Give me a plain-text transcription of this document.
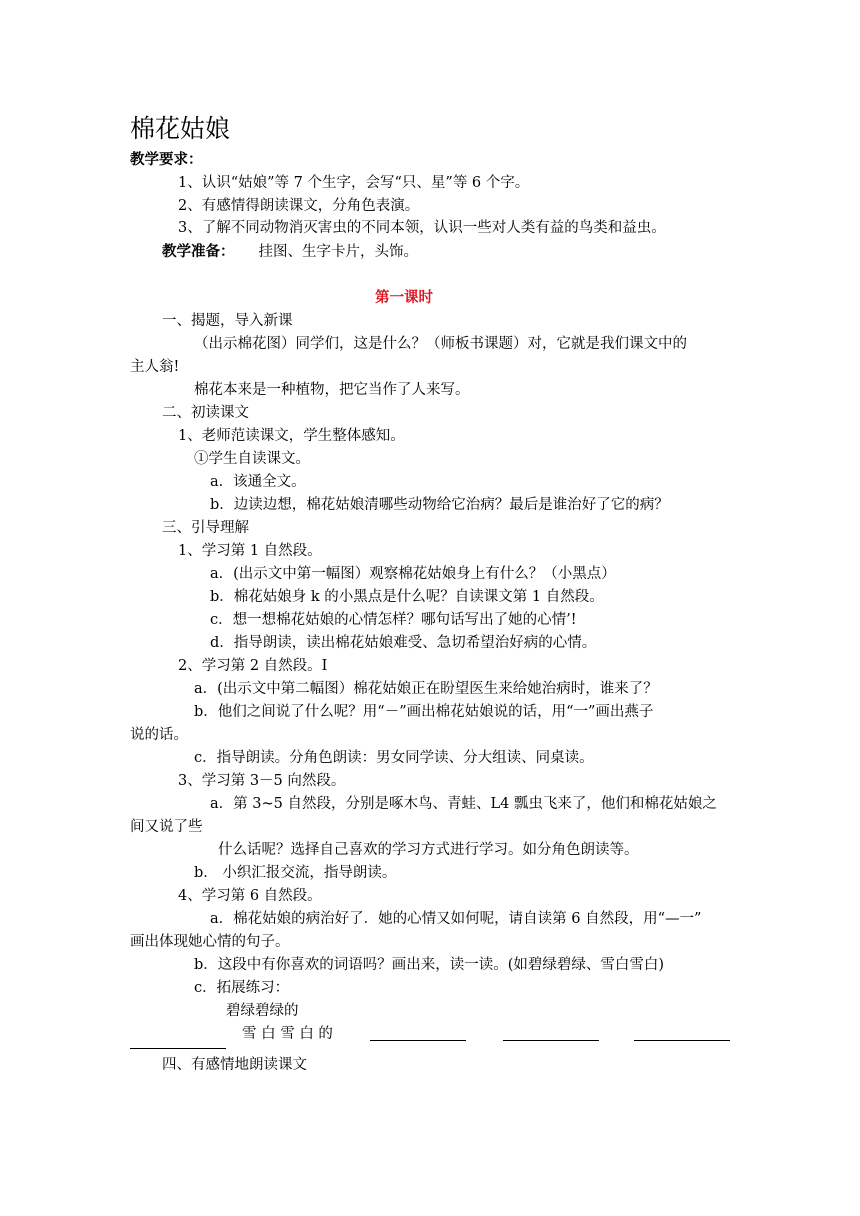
棉花姑娘
教学要求：
1、认识“姑娘”等 7 个生字，会写“只、星”等 6 个字。
2、有感情得朗读课文，分角色表演。
3、了解不同动物消灭害虫的不同本领，认识一些对人类有益的鸟类和益虫。
教学准备： 挂图、生字卡片，头饰。
第一课时
一、揭题，导入新课
（出示棉花图）同学们，这是什么？（师板书课题）对，它就是我们课文中的
主人翁!
棉花本来是一种植物，把它当作了人来写。
二、初读课文
1、老师范读课文，学生整体感知。
①学生自读课文。
a．该通全文。
b．边读边想，棉花姑娘清哪些动物给它治病？最后是谁治好了它的病？
三、引导理解
1、学习第 1 自然段。
a．(出示文中第一幅图）观察棉花姑娘身上有什么？（小黑点）
b．棉花姑娘身 k 的小黑点是什么呢？自读课文第 1 自然段。
c．想一想棉花姑娘的心情怎样？哪句话写出了她的心情’!
d．指导朗读，读出棉花姑娘难受、急切希望治好病的心情。
2、学习第 2 自然段。I
a．(出示文中第二幅图）棉花姑娘正在盼望医生来给她治病时，谁来了？
b．他们之间说了什么呢？用“－”画出棉花姑娘说的话，用“一”画出燕子
说的话。
c．指导朗读。分角色朗读：男女同学读、分大组读、同桌读。
3、学习第 3－5 向然段。
a．第 3~5 自然段，分别是啄木鸟、青蛙、L4 瓢虫飞来了，他们和棉花姑娘之
间又说了些
什么话呢？选择自己喜欢的学习方式进行学习。如分角色朗读等。
b． 小织汇报交流，指导朗读。
4、学习第 6 自然段。
a．棉花姑娘的病治好了．她的心情又如何呢，请自读第 6 自然段，用“—一”
画出体现她心情的句子。
b．这段中有你喜欢的词语吗？画出来，读一读。(如碧绿碧绿、雪白雪白)
c．拓展练习：
碧绿碧绿的
雪 白 雪 白 的
四、有感情地朗读课文
